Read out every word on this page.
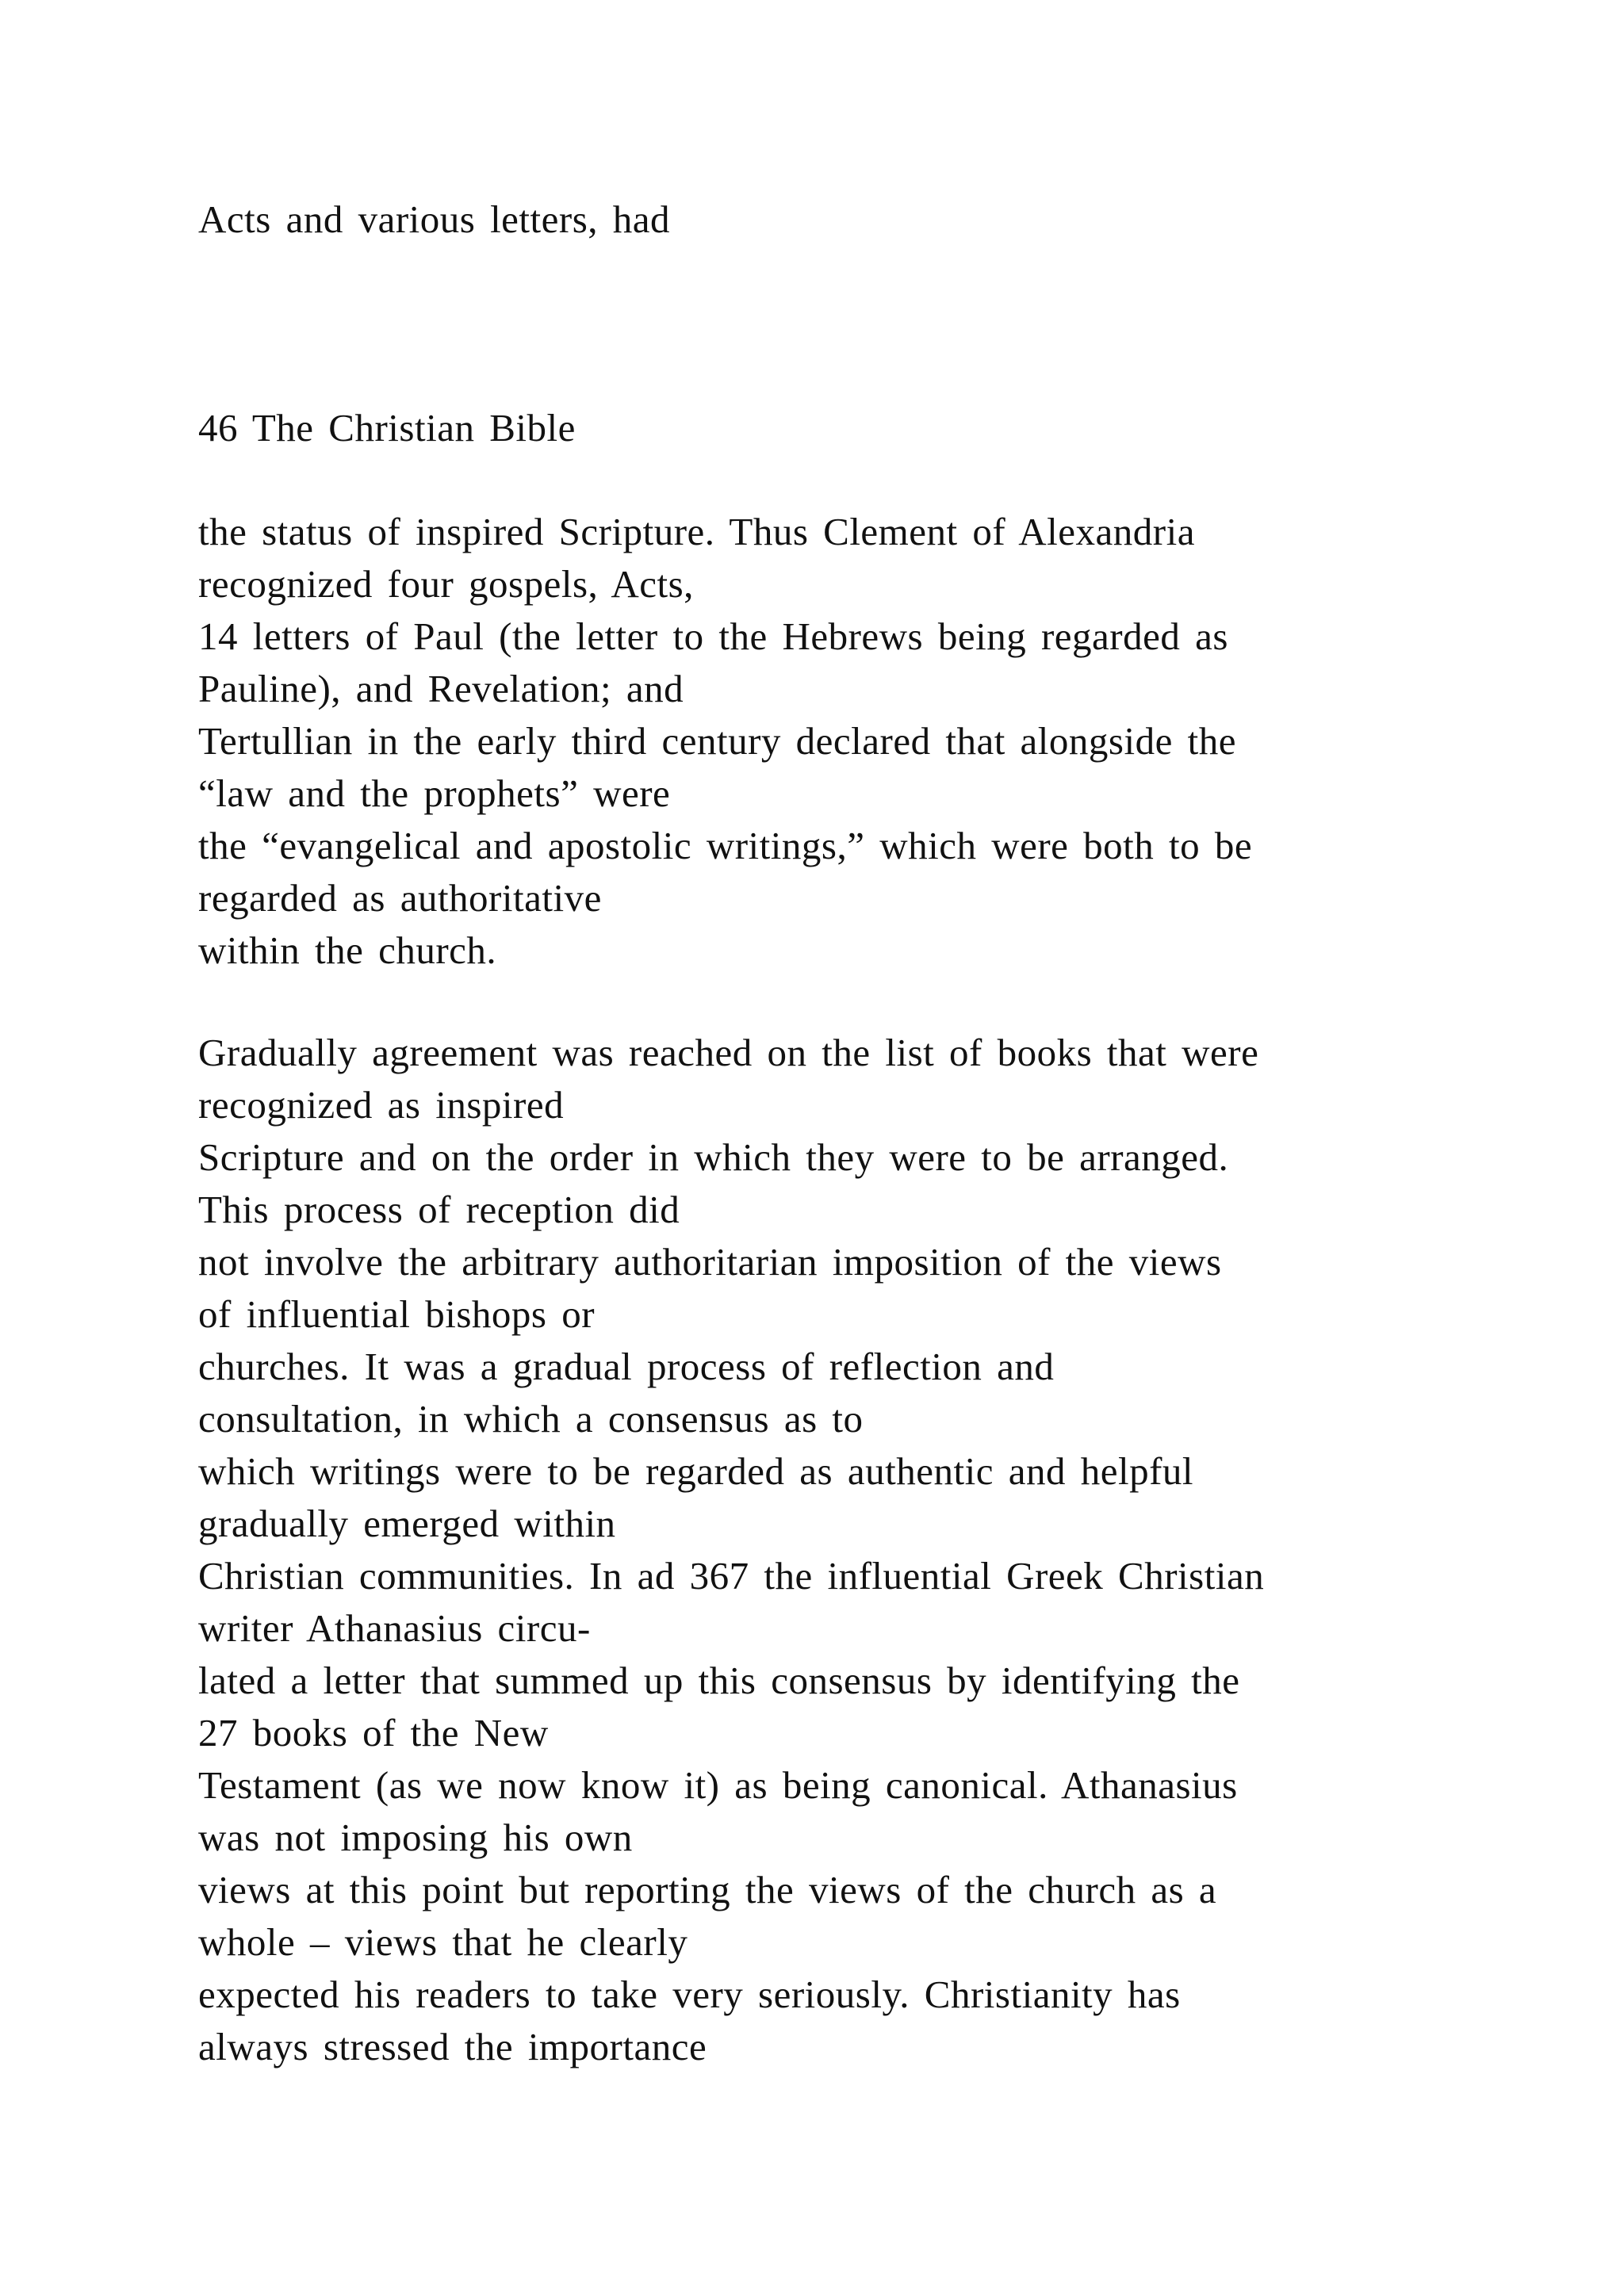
Acts and various letters, had
46 The Christian Bible
the status of inspired Scripture. Thus Clement of Alexandria
recognized four gospels, Acts,
14 letters of Paul (the letter to the Hebrews being regarded as
Pauline), and Revelation; and
Tertullian in the early third century declared that alongside the
“law and the prophets” were
the “evangelical and apostolic writings,” which were both to be
regarded as authoritative
within the church.
Gradually agreement was reached on the list of books that were
recognized as inspired
Scripture and on the order in which they were to be arranged.
This process of reception did
not involve the arbitrary authoritarian imposition of the views
of influential bishops or
churches. It was a gradual process of reflection and
consultation, in which a consensus as to
which writings were to be regarded as authentic and helpful
gradually emerged within
Christian communities. In ad 367 the influential Greek Christian
writer Athanasius circu-
lated a letter that summed up this consensus by identifying the
27 books of the New
Testament (as we now know it) as being canonical. Athanasius
was not imposing his own
views at this point but reporting the views of the church as a
whole – views that he clearly
expected his readers to take very seriously. Christianity has
always stressed the importance
